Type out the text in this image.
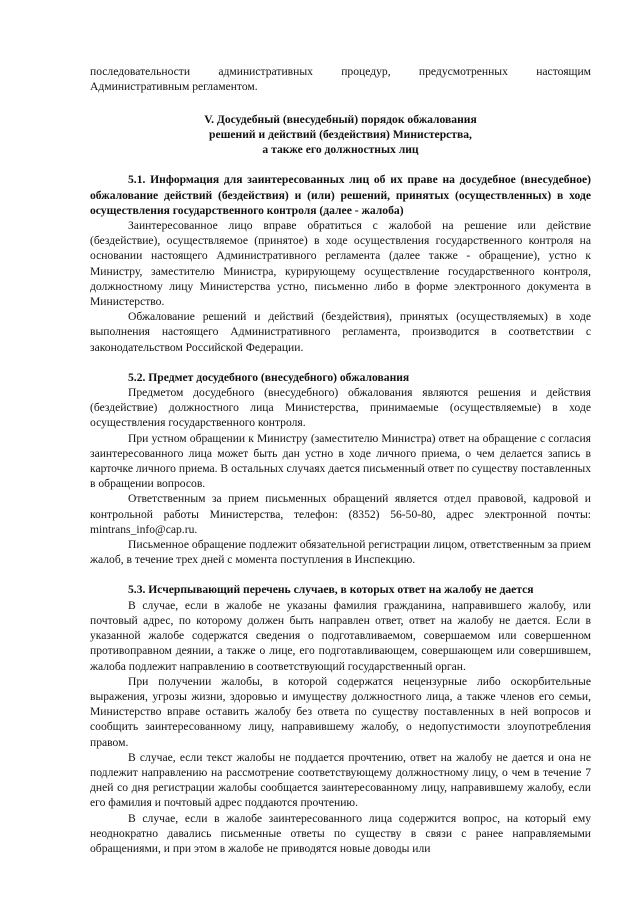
последовательности административных процедур, предусмотренных настоящим Административным регламентом.

V. Досудебный (внесудебный) порядок обжалования
решений и действий (бездействия) Министерства,
а также его должностных лиц

5.1. Информация для заинтересованных лиц об их праве на досудебное (внесудебное) обжалование действий (бездействия) и (или) решений, принятых (осуществленных) в ходе осуществления государственного контроля (далее - жалоба)

Заинтересованное лицо вправе обратиться с жалобой на решение или действие (бездействие), осуществляемое (принятое) в ходе осуществления государственного контроля на основании настоящего Административного регламента (далее также - обращение), устно к Министру, заместителю Министра, курирующему осуществление государственного контроля, должностному лицу Министерства устно, письменно либо в форме электронного документа в Министерство.

Обжалование решений и действий (бездействия), принятых (осуществляемых) в ходе выполнения настоящего Административного регламента, производится в соответствии с законодательством Российской Федерации.

5.2. Предмет досудебного (внесудебного) обжалования

Предметом досудебного (внесудебного) обжалования являются решения и действия (бездействие) должностного лица Министерства, принимаемые (осуществляемые) в ходе осуществления государственного контроля.

При устном обращении к Министру (заместителю Министра) ответ на обращение с согласия заинтересованного лица может быть дан устно в ходе личного приема, о чем делается запись в карточке личного приема. В остальных случаях дается письменный ответ по существу поставленных в обращении вопросов.

Ответственным за прием письменных обращений является отдел правовой, кадровой и контрольной работы Министерства, телефон: (8352) 56-50-80, адрес электронной почты: mintrans_info@cap.ru.

Письменное обращение подлежит обязательной регистрации лицом, ответственным за прием жалоб, в течение трех дней с момента поступления в Инспекцию.

5.3. Исчерпывающий перечень случаев, в которых ответ на жалобу не дается

В случае, если в жалобе не указаны фамилия гражданина, направившего жалобу, или почтовый адрес, по которому должен быть направлен ответ, ответ на жалобу не дается. Если в указанной жалобе содержатся сведения о подготавливаемом, совершаемом или совершенном противоправном деянии, а также о лице, его подготавливающем, совершающем или совершившем, жалоба подлежит направлению в соответствующий государственный орган.

При получении жалобы, в которой содержатся нецензурные либо оскорбительные выражения, угрозы жизни, здоровью и имуществу должностного лица, а также членов его семьи, Министерство вправе оставить жалобу без ответа по существу поставленных в ней вопросов и сообщить заинтересованному лицу, направившему жалобу, о недопустимости злоупотребления правом.

В случае, если текст жалобы не поддается прочтению, ответ на жалобу не дается и она не подлежит направлению на рассмотрение соответствующему должностному лицу, о чем в течение 7 дней со дня регистрации жалобы сообщается заинтересованному лицу, направившему жалобу, если его фамилия и почтовый адрес поддаются прочтению.

В случае, если в жалобе заинтересованного лица содержится вопрос, на который ему неоднократно давались письменные ответы по существу в связи с ранее направляемыми обращениями, и при этом в жалобе не приводятся новые доводы или
